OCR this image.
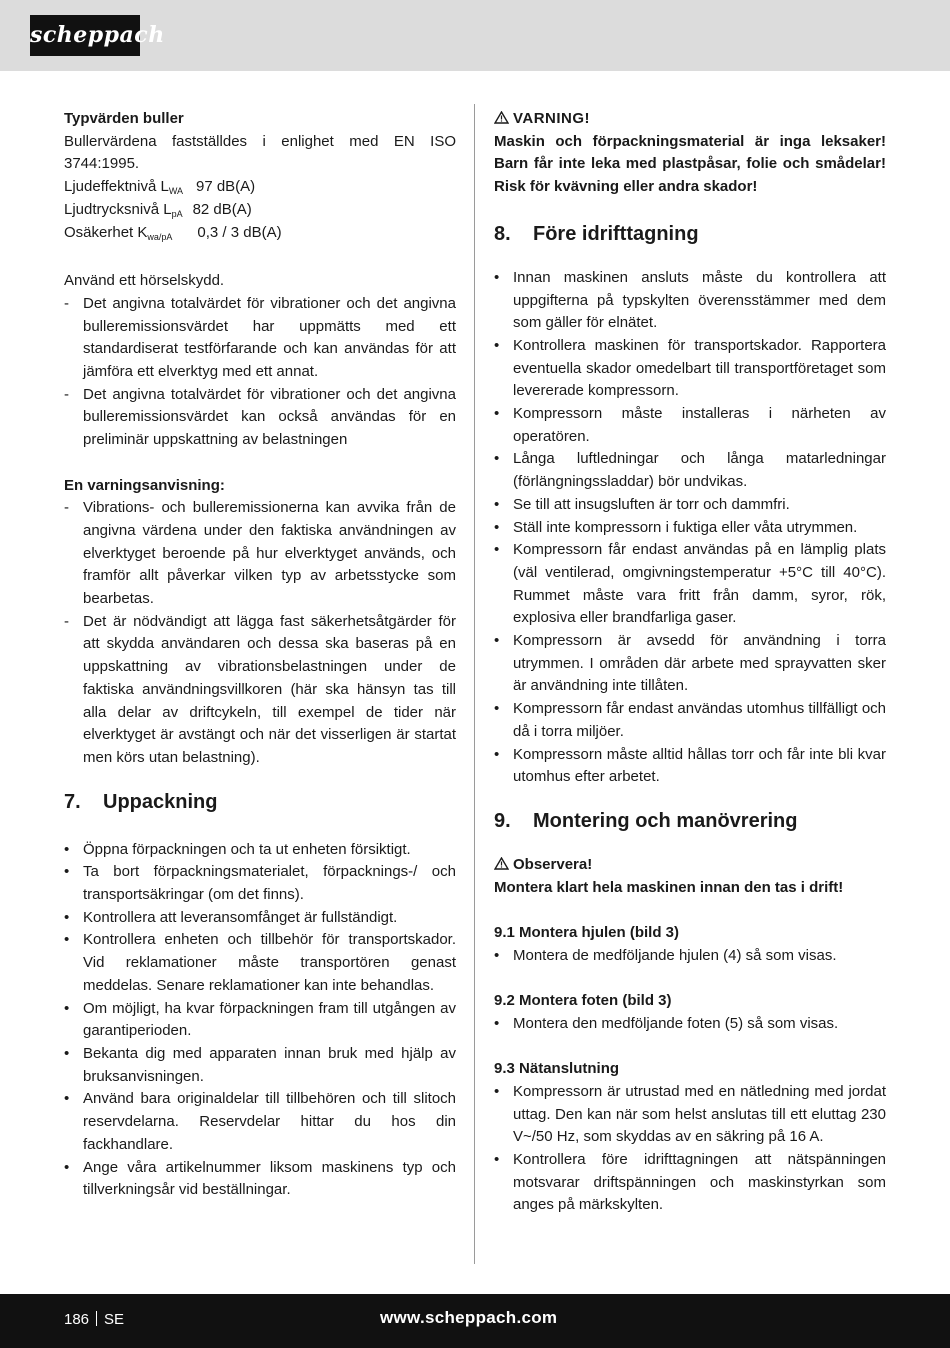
scheppach
Typvärden buller
Bullervärdena fastställdes i enlighet med EN ISO 3744:1995.
Ljudeffektnivå $L_{WA}$ 97 dB(A)
Ljudtrycksnivå $L_{pA}$ 82 dB(A)
Osäkerhet $K_{wa/pA}$ 0,3 / 3 dB(A)
Använd ett hörselskydd.
- Det angivna totalvärdet för vibrationer och det angivna bulleremissionsvärdet har uppmätts med ett standardiserat testförfarande och kan användas för att jämföra ett elverktyg med ett annat.
- Det angivna totalvärdet för vibrationer och det angivna bulleremissionsvärdet kan också användas för en preliminär uppskattning av belastningen
En varningsanvisning:
- Vibrations- och bulleremissionerna kan avvika från de angivna värdena under den faktiska användningen av elverktyget beroende på hur elverktyget används, och framför allt påverkar vilken typ av arbetsstycke som bearbetas.
- Det är nödvändigt att lägga fast säkerhetsåtgärder för att skydda användaren och dessa ska baseras på en uppskattning av vibrationsbelastningen under de faktiska användningsvillkoren (här ska hänsyn tas till alla delar av driftcykeln, till exempel de tider när elverktyget är avstängt och när det visserligen är startat men körs utan belastning).
7.	Uppackning
• Öppna förpackningen och ta ut enheten försiktigt.
• Ta bort förpackningsmaterialet, förpacknings-/ och transportsäkringar (om det finns).
• Kontrollera att leveransomfånget är fullständigt.
• Kontrollera enheten och tillbehör för transportskador. Vid reklamationer måste transportören genast meddelas. Senare reklamationer kan inte behandlas.
• Om möjligt, ha kvar förpackningen fram till utgången av garantiperioden.
• Bekanta dig med apparaten innan bruk med hjälp av bruksanvisningen.
• Använd bara originaldelar till tillbehören och till slitoch reservdelarna. Reservdelar hittar du hos din fackhandlare.
• Ange våra artikelnummer liksom maskinens typ och tillverkningsår vid beställningar.
VARNING!
Maskin och förpackningsmaterial är inga leksaker! Barn får inte leka med plastpåsar, folie och smådelar! Risk för kvävning eller andra skador!
8.	Före idrifttagning
• Innan maskinen ansluts måste du kontrollera att uppgifterna på typskylten överensstämmer med dem som gäller för elnätet.
• Kontrollera maskinen för transportskador. Rapportera eventuella skador omedelbart till transportföretaget som levererade kompressorn.
• Kompressorn måste installeras i närheten av operatören.
• Långa luftledningar och långa matarledningar (förlängningssladdar) bör undvikas.
• Se till att insugsluften är torr och dammfri.
• Ställ inte kompressorn i fuktiga eller våta utrymmen.
• Kompressorn får endast användas på en lämplig plats (väl ventilerad, omgivningstemperatur +5°C till 40°C). Rummet måste vara fritt från damm, syror, rök, explosiva eller brandfarliga gaser.
• Kompressorn är avsedd för användning i torra utrymmen. I områden där arbete med sprayvatten sker är användning inte tillåten.
• Kompressorn får endast användas utomhus tillfälligt och då i torra miljöer.
• Kompressorn måste alltid hållas torr och får inte bli kvar utomhus efter arbetet.
9.	Montering och manövrering
Observera!
Montera klart hela maskinen innan den tas i drift!
9.1 Montera hjulen (bild 3)
• Montera de medföljande hjulen (4) så som visas.
9.2 Montera foten (bild 3)
• Montera den medföljande foten (5) så som visas.
9.3 Nätanslutning
• Kompressorn är utrustad med en nätledning med jordat uttag. Den kan när som helst anslutas till ett eluttag 230 V~/50 Hz, som skyddas av en säkring på 16 A.
• Kontrollera före idrifttagningen att nätspänningen motsvarar driftspänningen och maskinstyrkan som anges på märkskylten.
186 SE	www.scheppach.com
